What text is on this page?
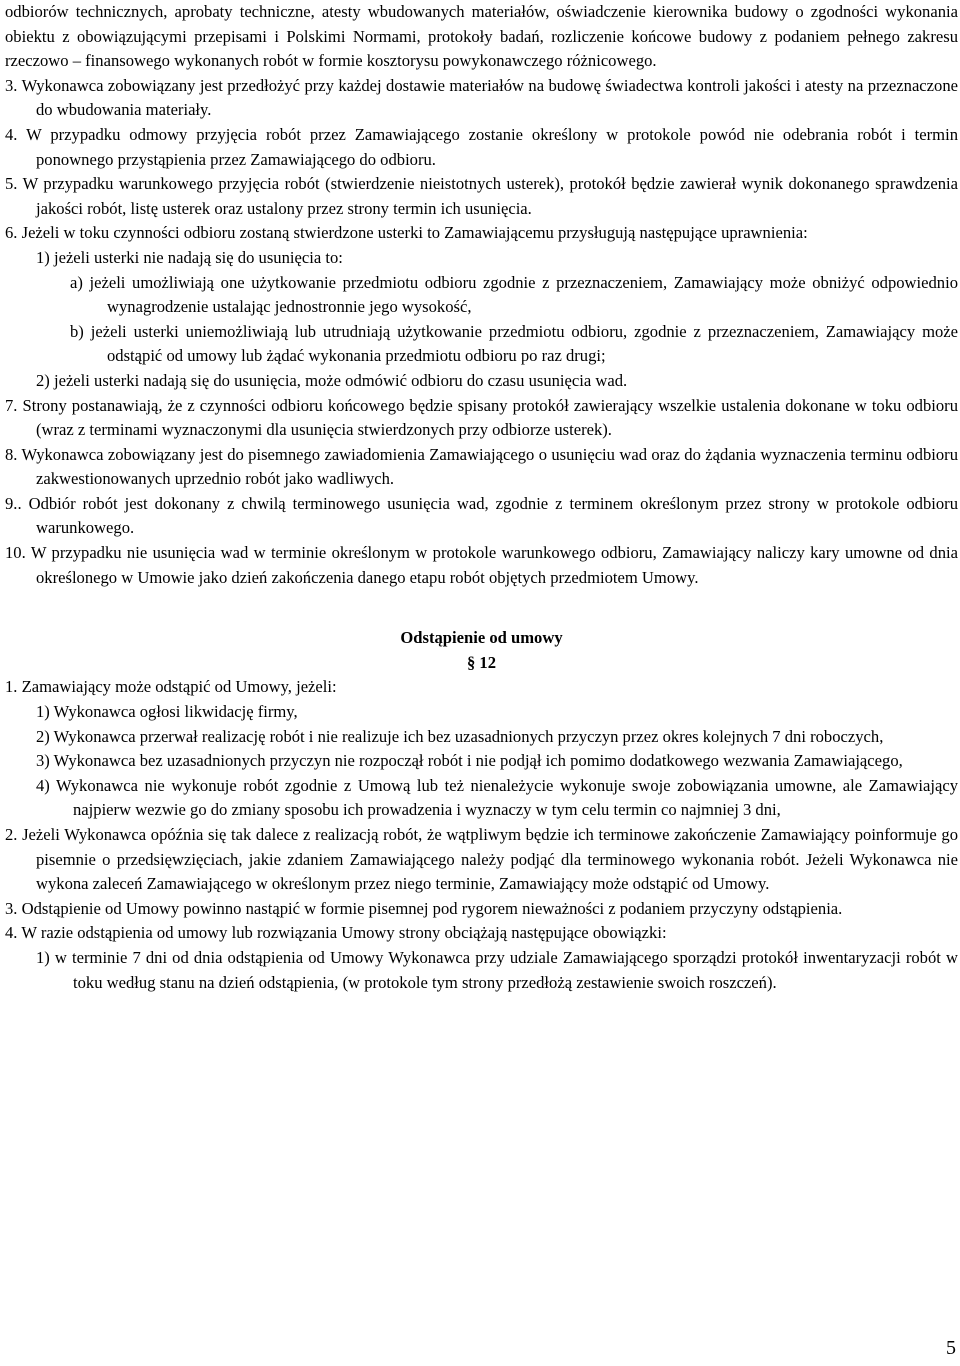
odbiorów technicznych, aprobaty techniczne, atesty wbudowanych materiałów, oświadczenie kierownika budowy o zgodności wykonania obiektu z obowiązującymi przepisami i Polskimi Normami, protokoły badań, rozliczenie końcowe budowy z podaniem pełnego zakresu rzeczowo – finansowego wykonanych robót w formie kosztorysu powykonawczego różnicowego.

3. Wykonawca zobowiązany jest przedłożyć przy każdej dostawie materiałów na budowę świadectwa kontroli jakości i atesty na przeznaczone do wbudowania materiały.

4. W przypadku odmowy przyjęcia robót przez Zamawiającego zostanie określony w protokole powód nie odebrania robót i termin ponownego przystąpienia przez Zamawiającego do odbioru.

5. W przypadku warunkowego przyjęcia robót (stwierdzenie nieistotnych usterek), protokół będzie zawierał wynik dokonanego sprawdzenia jakości robót, listę usterek oraz ustalony przez strony termin ich usunięcia.

6. Jeżeli w toku czynności odbioru zostaną stwierdzone usterki to Zamawiającemu przysługują następujące uprawnienia:

1) jeżeli usterki nie nadają się do usunięcia to:

a) jeżeli umożliwiają one użytkowanie przedmiotu odbioru zgodnie z przeznaczeniem, Zamawiający może obniżyć odpowiednio wynagrodzenie ustalając jednostronnie jego wysokość,

b) jeżeli usterki uniemożliwiają lub utrudniają użytkowanie przedmiotu odbioru, zgodnie z przeznaczeniem, Zamawiający może odstąpić od umowy lub żądać wykonania przedmiotu odbioru po raz drugi;

2) jeżeli usterki nadają się do usunięcia, może odmówić odbioru do czasu usunięcia wad.

7. Strony postanawiają, że z czynności odbioru końcowego będzie spisany protokół zawierający wszelkie ustalenia dokonane w toku odbioru (wraz z terminami wyznaczonymi dla usunięcia stwierdzonych przy odbiorze usterek).

8. Wykonawca zobowiązany jest do pisemnego zawiadomienia Zamawiającego o usunięciu wad oraz do żądania wyznaczenia terminu odbioru zakwestionowanych uprzednio robót jako wadliwych.

9.. Odbiór robót jest dokonany z chwilą terminowego usunięcia wad, zgodnie z terminem określonym przez strony w protokole odbioru warunkowego.

10. W przypadku nie usunięcia wad w terminie określonym w protokole warunkowego odbioru, Zamawiający naliczy kary umowne od dnia określonego w Umowie jako dzień zakończenia danego etapu robót objętych przedmiotem Umowy.

Odstąpienie od umowy

§ 12

1. Zamawiający może odstąpić od Umowy, jeżeli:

1) Wykonawca ogłosi likwidację firmy,

2) Wykonawca przerwał realizację robót i nie realizuje ich bez uzasadnionych przyczyn przez okres kolejnych 7 dni roboczych,

3) Wykonawca bez uzasadnionych przyczyn nie rozpoczął robót i nie podjął ich pomimo dodatkowego wezwania Zamawiającego,

4) Wykonawca nie wykonuje robót zgodnie z Umową lub też nienależycie wykonuje swoje zobowiązania umowne, ale Zamawiający najpierw wezwie go do zmiany sposobu ich prowadzenia i wyznaczy w tym celu termin co najmniej 3 dni,

2. Jeżeli Wykonawca opóźnia się tak dalece z realizacją robót, że wątpliwym będzie ich terminowe zakończenie Zamawiający poinformuje go pisemnie o przedsięwzięciach, jakie zdaniem Zamawiającego należy podjąć dla terminowego wykonania robót. Jeżeli Wykonawca nie wykona zaleceń Zamawiającego w określonym przez niego terminie, Zamawiający może odstąpić od Umowy.

3. Odstąpienie od Umowy powinno nastąpić w formie pisemnej pod rygorem nieważności z podaniem przyczyny odstąpienia.

4. W razie odstąpienia od umowy lub rozwiązania Umowy strony obciążają następujące obowiązki:

1) w terminie 7 dni od dnia odstąpienia od Umowy Wykonawca przy udziale Zamawiającego sporządzi protokół inwentaryzacji robót w toku według stanu na dzień odstąpienia, (w protokole tym strony przedłożą zestawienie swoich roszczeń).

5
